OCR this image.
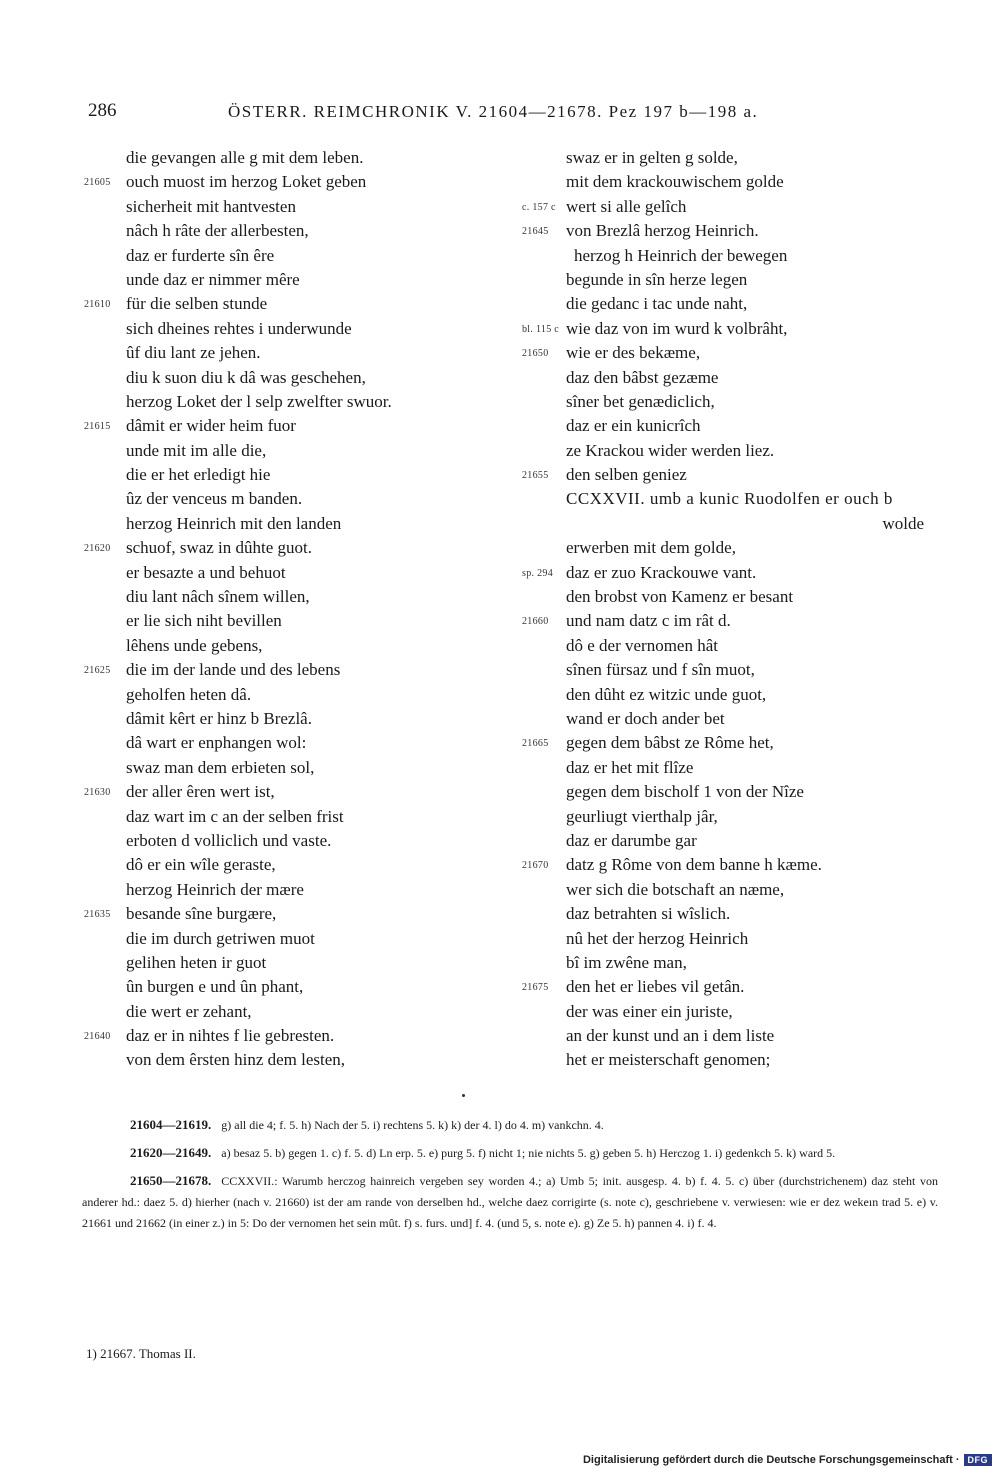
286	ÖSTERR. REIMCHRONIK V. 21604—21678. Pez 197 b—198 a.
die gevangen alle g mit dem leben.
21605 ouch muost im herzog Loket geben
sicherheit mit hantvesten
nâch h râte der allerbesten,
daz er furderte sîn êre
unde daz er nimmer mêre
21610 für die selben stunde
sich dheines rehtes i underwunde
ûf diu lant ze jehen.
diu k suon diu k dâ was geschehen,
herzog Loket der l selp zwelfter swuor.
21615 dâmit er wider heim fuor
unde mit im alle die,
die er het erledigt hie
ûz der venceus m banden.
herzog Heinrich mit den landen
21620 schuof, swaz in dûhte guot.
er besazte a und behuot
diu lant nâch sînem willen,
er lie sich niht bevillen
lêhens unde gebens,
21625 die im der lande und des lebens
geholfen heten dâ.
dâmit kêrt er hinz b Brezlâ.
dâ wart er enphangen wol:
swaz man dem erbieten sol,
21630 der aller êren wert ist,
daz wart im c an der selben frist
erboten d volliclich und vaste.
dô er ein wîle geraste,
herzog Heinrich der mære
21635 besande sîne burgære,
die im durch getriwen muot
gelihen heten ir guot
ûn burgen e und ûn phant,
die wert er zehant,
21640 daz er in nihtes f lie gebresten.
von dem êrsten hinz dem lesten,
swaz er in gelten g solde,
mit dem krackouwischem golde
c. 157 c wert si alle gelîch
21645	von Brezlâ herzog Heinrich.
herzog h Heinrich der bewegen
begunde in sîn herze legen
die gedanc i tac unde naht,
bl. 115 c wie daz von im wurd k volbrâht,
21650	wie er des bekæme,
daz den bâbst gezæme
sîner bet genædiclich,
daz er ein kunicrîch
ze Krackou wider werden liez.
21655	den selben geniez
CCXXVII. umb a kunic Ruodolfen er ouch b
wolde
erwerben mit dem golde,
sp. 294 daz er zuo Krackouwe vant.
den brobst von Kamenz er besant
21660	und nam datz c im rât d.
dô e der vernomen hât
sînen fürsaz und f sîn muot,
den dûht ez witzic unde guot,
wand er doch ander bet
21665	gegen dem bâbst ze Rôme het,
daz er het mit flîze
gegen dem bischolf 1 von der Nîze
geurliugt vierthalp jâr,
daz er darumbe gar
21670	datz g Rôme von dem banne h kæme.
wer sich die botschaft an næme,
daz betrahten si wîslich.
nû het der herzog Heinrich
bî im zwêne man,
21675	den het er liebes vil getân.
der was einer ein juriste,
an der kunst und an i dem liste
het er meisterschaft genomen;

21604—21619. g) all die 4; f. 5. h) Nach der 5. i) rechtens 5. k) k) der 4. l) do 4. m) vankchn. 4.

21620—21649. a) besaz 5. b) gegen 1. c) f. 5. d) Ln erp. 5. e) purg 5. f) nicht 1; nie nichts 5. g) geben 5. h) Herczog 1. i) gedenkch 5. k) ward 5.

21650—21678. CCXXVII.: Warumb herczog hainreich vergeben sey worden 4.; a) Umb 5; init. ausgesp. 4. b) f. 4. 5. c) über (durchstrichenem) daz steht von anderer hd.: daez 5. d) hierher (nach v. 21660) ist der am rande von derselben hd., welche daez corrigirte (s. note c), geschriebene v. verwiesen: wie er dez wekeın trad 5. e) v. 21661 und 21662 (in einer z.) in 5: Do der vernomen het sein mût. f) s. furs. und] f. 4. (und 5, s. note e). g) Ze 5. h) pannen 4. i) f. 4.

1) 21667. Thomas II.
Digitalisierung gefördert durch die Deutsche Forschungsgemeinschaft · DFG
